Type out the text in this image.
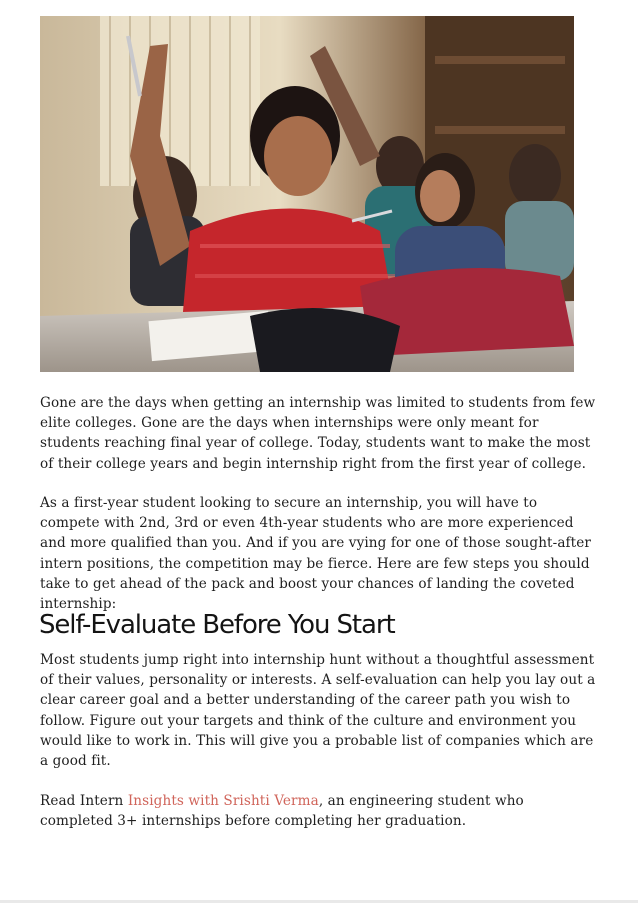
Gone are the days when getting an internship was limited to students from few elite colleges. Gone are the days when internships were only meant for students reaching final year of college. Today, students want to make the most of their college years and begin internship right from the first year of college.

As a first-year student looking to secure an internship, you will have to compete with 2nd, 3rd or even 4th-year students who are more experienced and more qualified than you. And if you are vying for one of those sought-after intern positions, the competition may be fierce. Here are few steps you should take to get ahead of the pack and boost your chances of landing the coveted internship:

Self-Evaluate Before You Start

Most students jump right into internship hunt without a thoughtful assessment of their values, personality or interests. A self-evaluation can help you lay out a clear career goal and a better understanding of the career path you wish to follow. Figure out your targets and think of the culture and environment you would like to work in. This will give you a probable list of companies which are a good fit.

Read Intern Insights with Srishti Verma, an engineering student who completed 3+ internships before completing her graduation.
